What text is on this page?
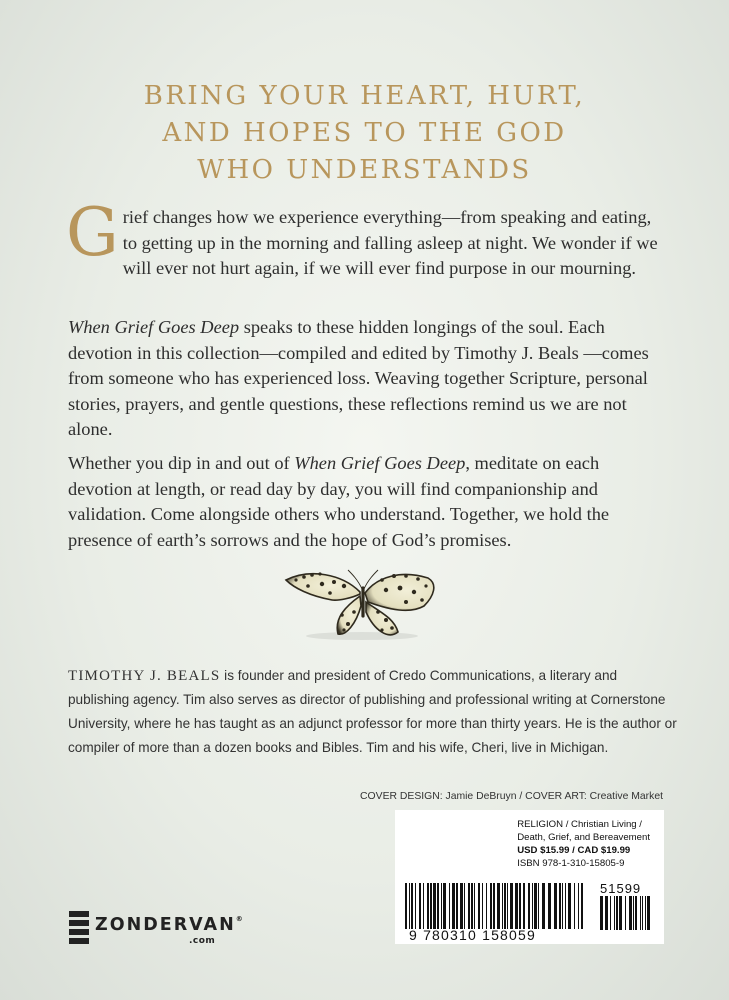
BRING YOUR HEART, HURT,
AND HOPES TO THE GOD
WHO UNDERSTANDS

Grief changes how we experience everything—from speaking and eating, to getting up in the morning and falling asleep at night. We wonder if we will ever not hurt again, if we will ever find purpose in our mourning.

When Grief Goes Deep speaks to these hidden longings of the soul. Each devotion in this collection—compiled and edited by Timothy J. Beals —comes from someone who has experienced loss. Weaving together Scripture, personal stories, prayers, and gentle questions, these reflections remind us we are not alone.

Whether you dip in and out of When Grief Goes Deep, meditate on each devotion at length, or read day by day, you will find companionship and validation. Come alongside others who understand. Together, we hold the presence of earth’s sorrows and the hope of God’s promises.

TIMOTHY J. BEALS is founder and president of Credo Communications, a literary and publishing agency. Tim also serves as director of publishing and professional writing at Cornerstone University, where he has taught as an adjunct professor for more than thirty years. He is the author or compiler of more than a dozen books and Bibles. Tim and his wife, Cheri, live in Michigan.
COVER DESIGN: Jamie DeBruyn / COVER ART: Creative Market
RELIGION / Christian Living /
Death, Grief, and Bereavement
USD $15.99 / CAD $19.99
ISBN 978-1-310-15805-9
51599
9 780310 158059
ZONDERVAN®
.com
